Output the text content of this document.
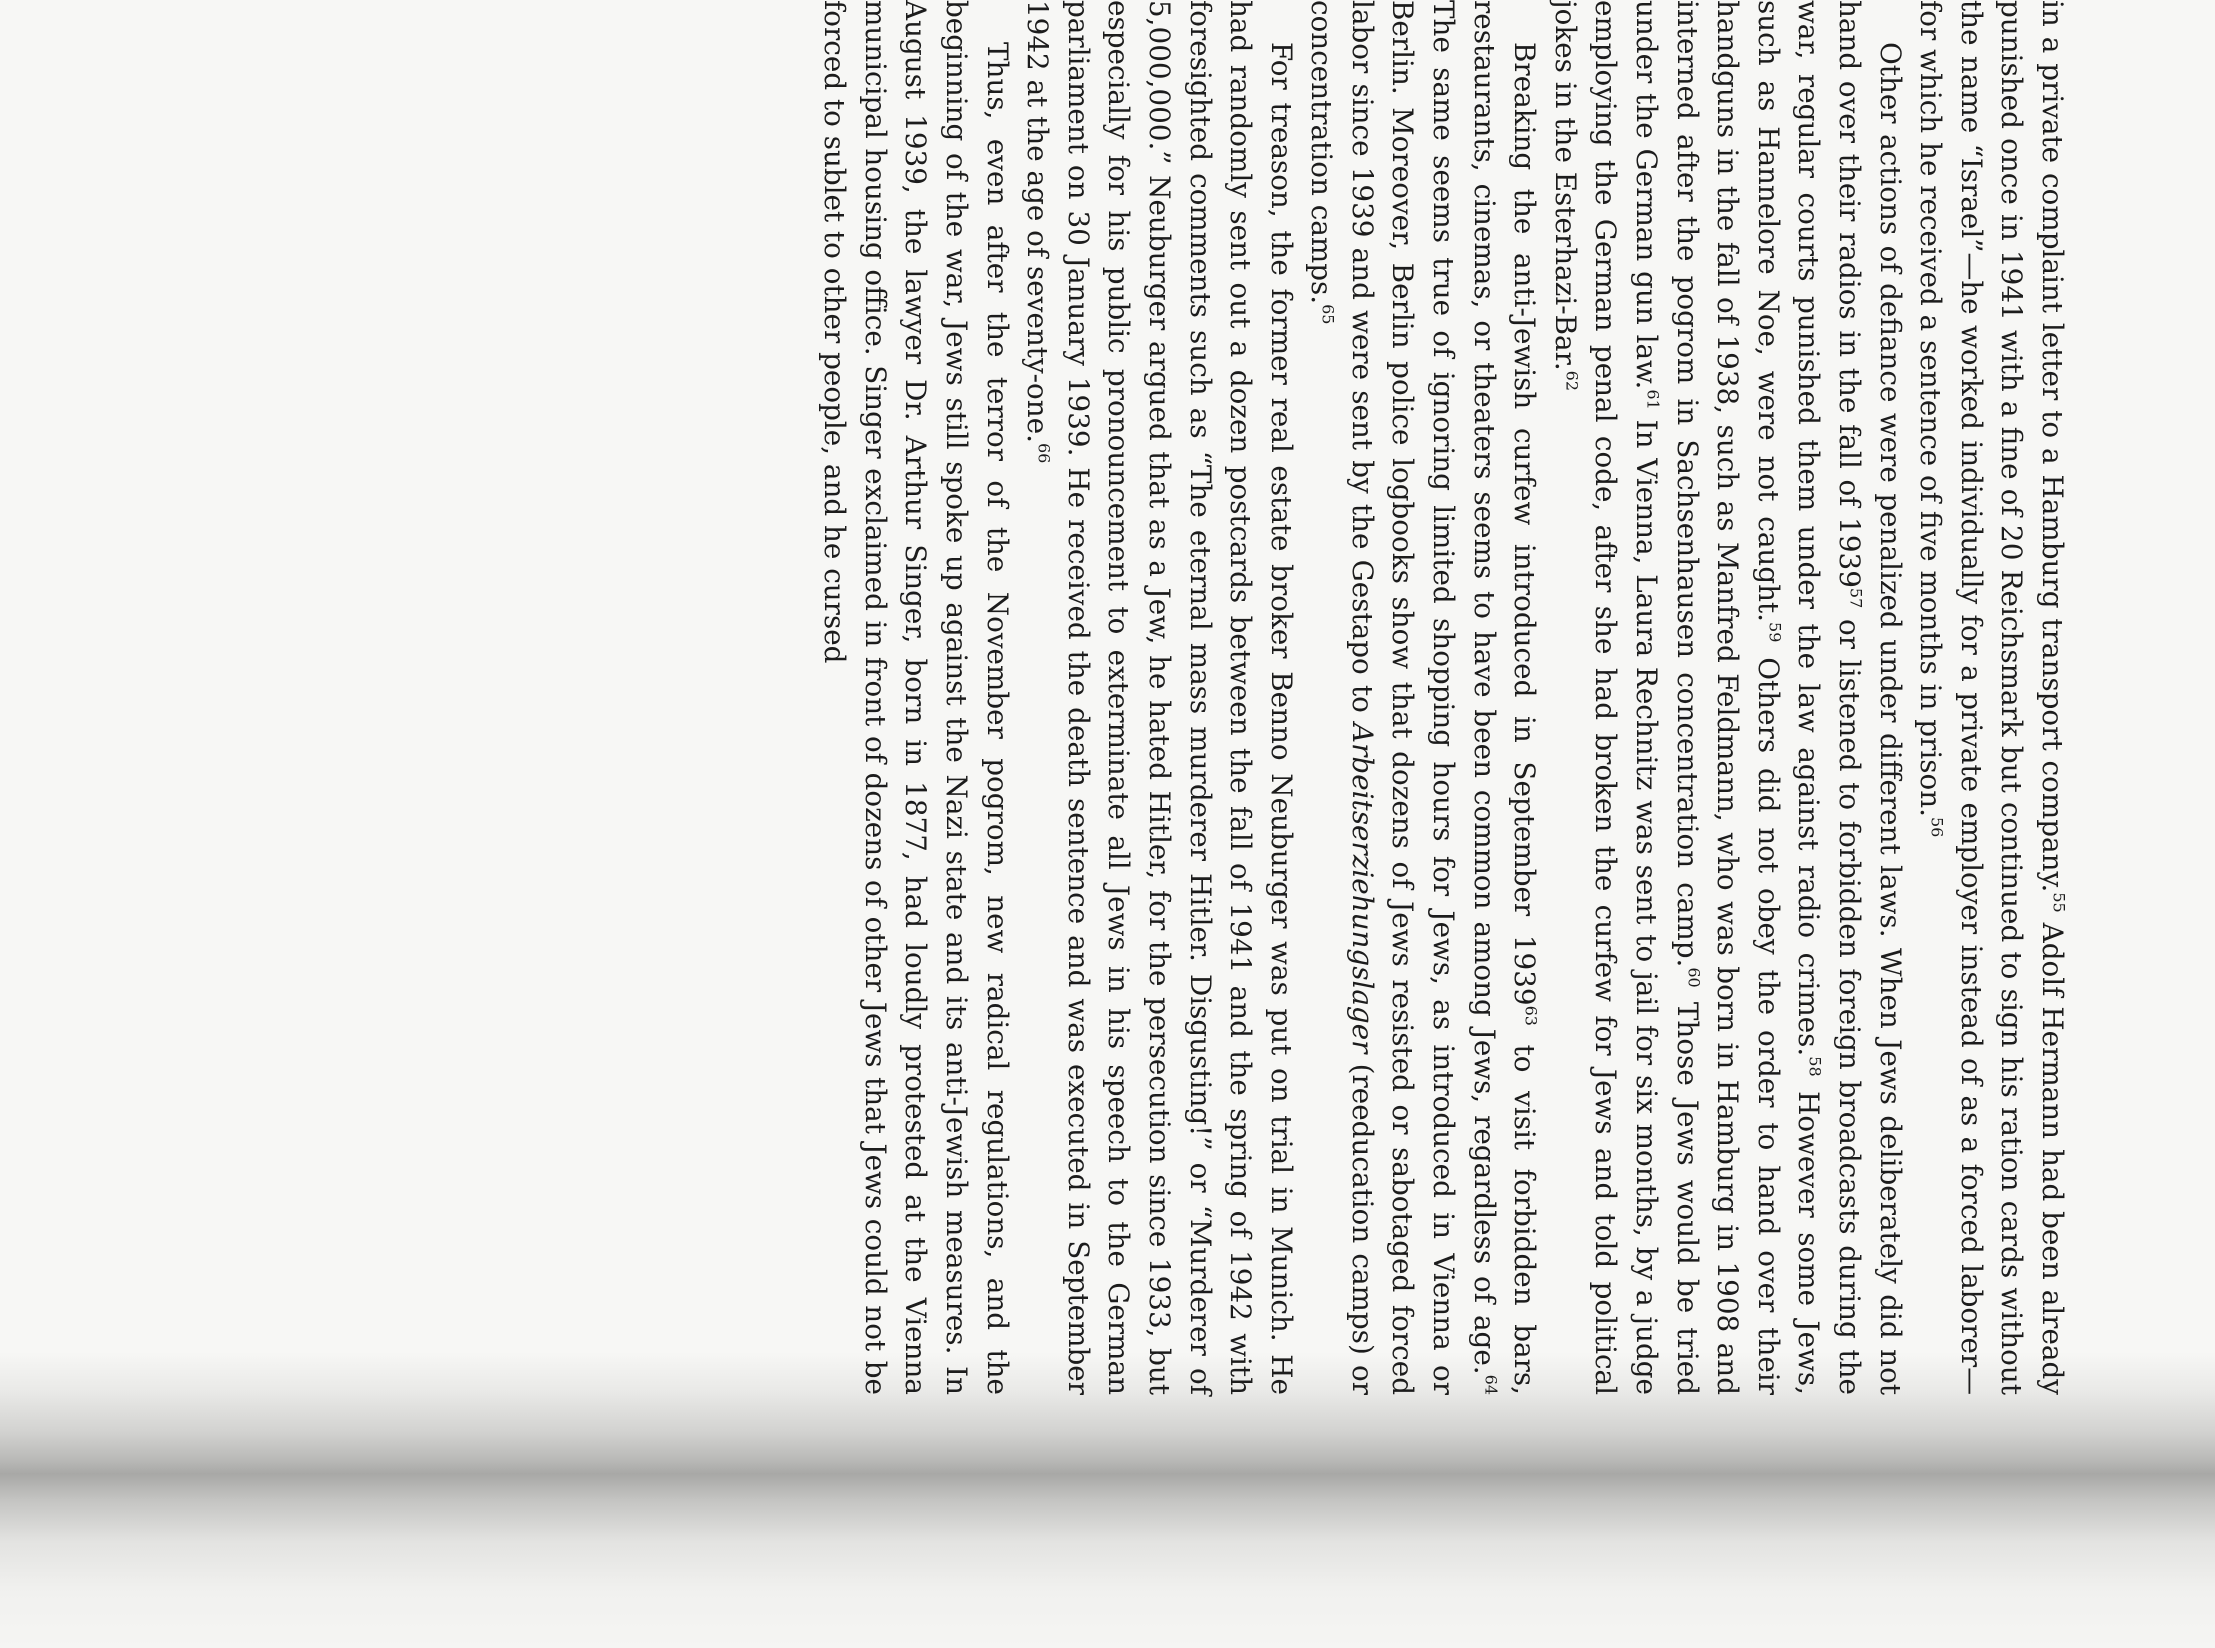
in a private complaint letter to a Hamburg transport company.$^{55}$ Adolf Hermann had been already punished once in 1941 with a fine of 20 Reichsmark but continued to sign his ration cards without the name “Israel”—he worked individually for a private employer instead of as a forced laborer—for which he received a sentence of five months in prison.$^{56}$

Other actions of defiance were penalized under different laws. When Jews deliberately did not hand over their radios in the fall of 1939$^{57}$ or listened to forbidden foreign broadcasts during the war, regular courts punished them under the law against radio crimes.$^{58}$ However some Jews, such as Hannelore Noe, were not caught.$^{59}$ Others did not obey the order to hand over their handguns in the fall of 1938, such as Manfred Feldmann, who was born in Hamburg in 1908 and interned after the pogrom in Sachsenhausen concentration camp.$^{60}$ Those Jews would be tried under the German gun law.$^{61}$ In Vienna, Laura Rechnitz was sent to jail for six months, by a judge employing the German penal code, after she had broken the curfew for Jews and told political jokes in the Esterhazi-Bar.$^{62}$

Breaking the anti-Jewish curfew introduced in September 1939$^{63}$ to visit forbidden bars, restaurants, cinemas, or theaters seems to have been common among Jews, regardless of age.$^{64}$ The same seems true of ignoring limited shopping hours for Jews, as introduced in Vienna or Berlin. Moreover, Berlin police logbooks show that dozens of Jews resisted or sabotaged forced labor since 1939 and were sent by the Gestapo to Arbeitserziehungslager (reeducation camps) or concentration camps.$^{65}$

For treason, the former real estate broker Benno Neuburger was put on trial in Munich. He had randomly sent out a dozen postcards between the fall of 1941 and the spring of 1942 with foresighted comments such as “The eternal mass murderer Hitler. Disgusting!” or “Murderer of 5,000,000.” Neuburger argued that as a Jew, he hated Hitler, for the persecution since 1933, but especially for his public pronouncement to exterminate all Jews in his speech to the German parliament on 30 January 1939. He received the death sentence and was executed in September 1942 at the age of seventy-one.$^{66}$

Thus, even after the terror of the November pogrom, new radical regulations, and the beginning of the war, Jews still spoke up against the Nazi state and its anti-Jewish measures. In August 1939, the lawyer Dr. Arthur Singer, born in 1877, had loudly protested at the Vienna municipal housing office. Singer exclaimed in front of dozens of other Jews that Jews could not be forced to sublet to other people, and he cursed
